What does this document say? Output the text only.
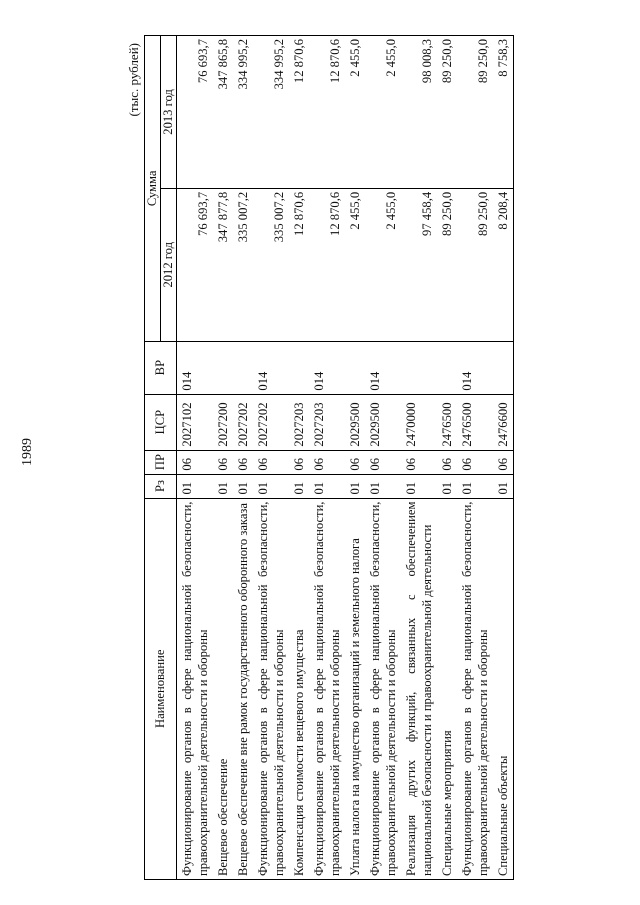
1989
(тыс. рублей)
Наименование	Рз	ПР	ЦСР	ВР	Сумма	
					2012 год	2013 год
Функционирование органов в сфере национальной безопасности, правоохранительной деятельности и обороны	01	06	2027102	014	76 693,7	76 693,7
Вещевое обеспечение	01	06	2027200		347 877,8	347 865,8
Вещевое обеспечение вне рамок государственного оборонного заказа	01	06	2027202		335 007,2	334 995,2
Функционирование органов в сфере национальной безопасности, правоохранительной деятельности и обороны	01	06	2027202	014	335 007,2	334 995,2
Компенсация стоимости вещевого имущества	01	06	2027203		12 870,6	12 870,6
Функционирование органов в сфере национальной безопасности, правоохранительной деятельности и обороны	01	06	2027203	014	12 870,6	12 870,6
Уплата налога на имущество организаций и земельного налога	01	06	2029500		2 455,0	2 455,0
Функционирование органов в сфере национальной безопасности, правоохранительной деятельности и обороны	01	06	2029500	014	2 455,0	2 455,0
Реализация других функций, связанных с обеспечением национальной безопасности и правоохранительной деятельности	01	06	2470000		97 458,4	98 008,3
Специальные мероприятия	01	06	2476500		89 250,0	89 250,0
Функционирование органов в сфере национальной безопасности, правоохранительной деятельности и обороны	01	06	2476500	014	89 250,0	89 250,0
Специальные объекты	01	06	2476600		8 208,4	8 758,3
